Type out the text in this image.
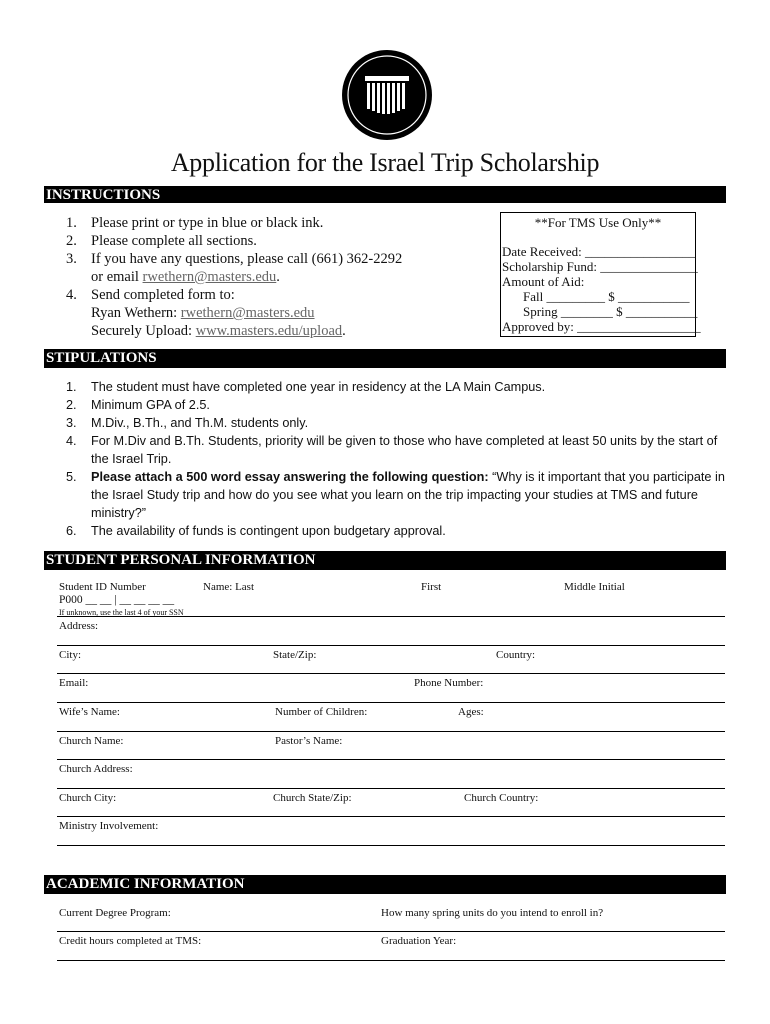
Application for the Israel Trip Scholarship
INSTRUCTIONS
1. Please print or type in blue or black ink.
2. Please complete all sections.
3. If you have any questions, please call (661) 362-2292
or email rwethern@masters.edu.
4. Send completed form to:
Ryan Wethern: rwethern@masters.edu
Securely Upload: www.masters.edu/upload.
**For TMS Use Only**
Date Received: _________________
Scholarship Fund: _______________
Amount of Aid:
Fall _________ $ ___________
Spring ________ $ ___________
Approved by: ___________________
STIPULATIONS
1. The student must have completed one year in residency at the LA Main Campus.
2. Minimum GPA of 2.5.
3. M.Div., B.Th., and Th.M. students only.
4. For M.Div and B.Th. Students, priority will be given to those who have completed at least 50 units by the start of the Israel Trip.
5. Please attach a 500 word essay answering the following question: “Why is it important that you participate in the Israel Study trip and how do you see what you learn on the trip impacting your studies at TMS and future ministry?”
6. The availability of funds is contingent upon budgetary approval.
STUDENT PERSONAL INFORMATION
Student ID Number	Name: Last	First	Middle Initial
P000 __ __ | __ __ __ __
If unknown, use the last 4 of your SSN
Address:
City:	State/Zip:	Country:
Email:	Phone Number:
Wife’s Name:	Number of Children:	Ages:
Church Name:	Pastor’s Name:
Church Address:
Church City:	Church State/Zip:	Church Country:
Ministry Involvement:
ACADEMIC INFORMATION
Current Degree Program:	How many spring units do you intend to enroll in?
Credit hours completed at TMS:	Graduation Year:
